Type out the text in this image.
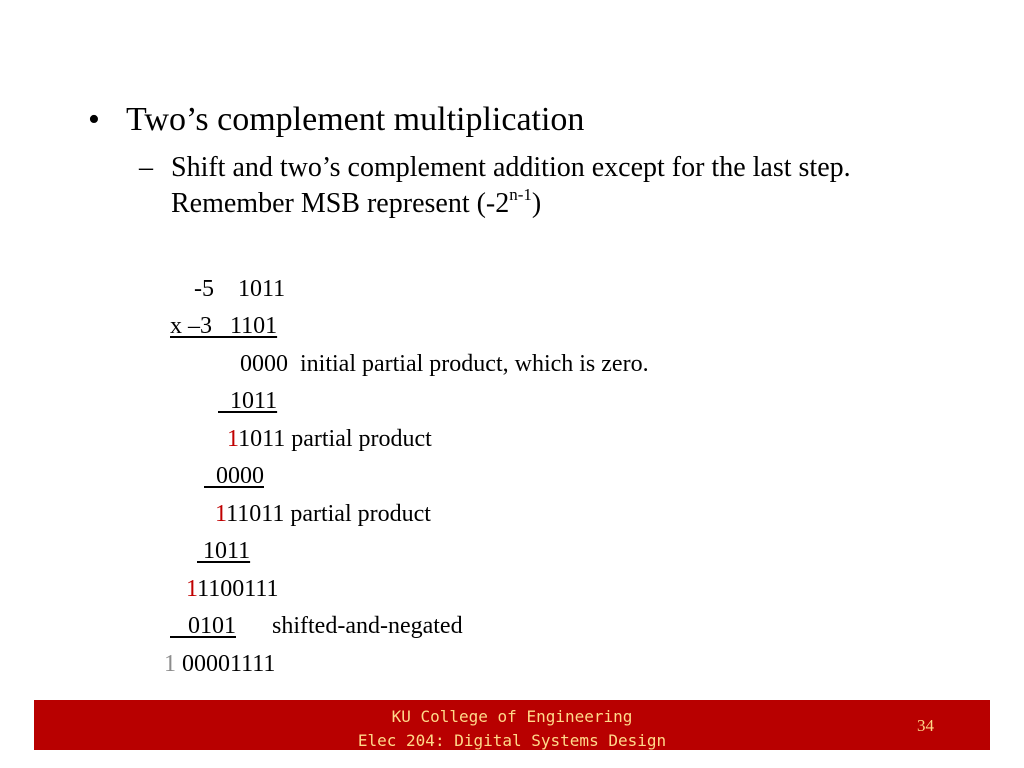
• Two’s complement multiplication
– Shift and two’s complement addition except for the last step. Remember MSB represent (-2$^{n-1}$)

-5    1011

x –3   1101

0000  initial partial product, which is zero.

1011

11011 partial product

0000

111011 partial product

1011

11100111

0101      shifted-and-negated

1 00001111

KU College of Engineering
Elec 204: Digital Systems Design
34
